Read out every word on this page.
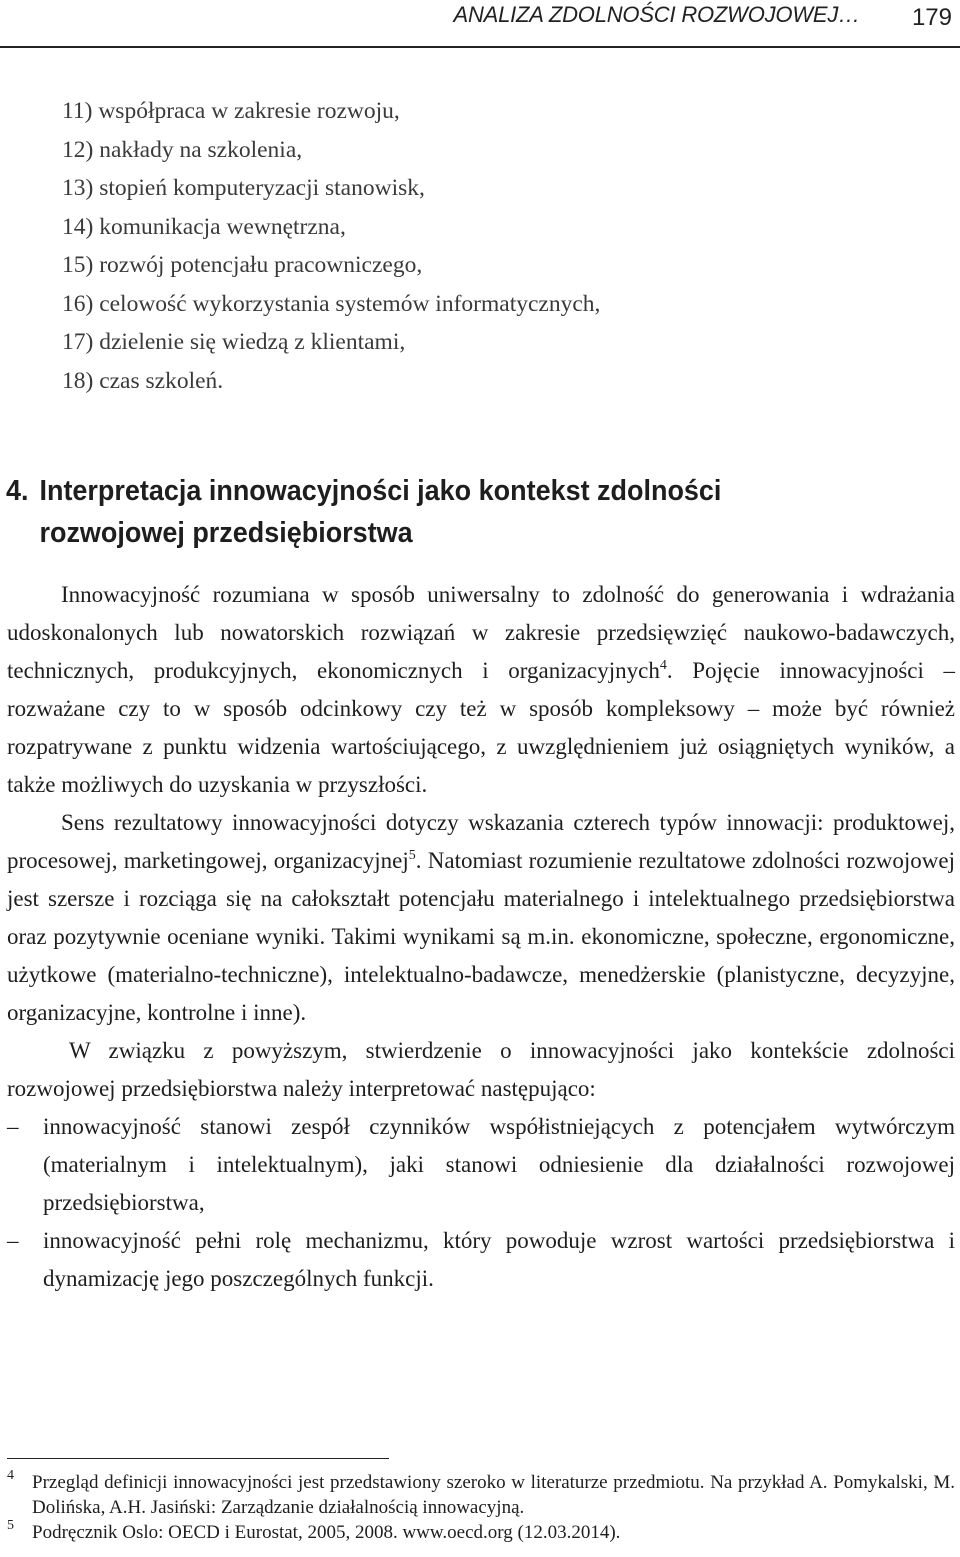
ANALIZA ZDOLNOŚCI ROZWOJOWEJ… 179
11) współpraca w zakresie rozwoju,
12) nakłady na szkolenia,
13) stopień komputeryzacji stanowisk,
14) komunikacja wewnętrzna,
15) rozwój potencjału pracowniczego,
16) celowość wykorzystania systemów informatycznych,
17) dzielenie się wiedzą z klientami,
18) czas szkoleń.
4. Interpretacja innowacyjności jako kontekst zdolności
rozwojowej przedsiębiorstwa

Innowacyjność rozumiana w sposób uniwersalny to zdolność do generowania i wdrażania udoskonalonych lub nowatorskich rozwiązań w zakresie przedsięwzięć naukowo-badawczych, technicznych, produkcyjnych, ekonomicznych i organizacyjnych$^4$. Pojęcie innowacyjności – rozważane czy to w sposób odcinkowy czy też w sposób kompleksowy – może być również rozpatrywane z punktu widzenia wartościującego, z uwzględnieniem już osiągniętych wyników, a także możliwych do uzyskania w przyszłości.

Sens rezultatowy innowacyjności dotyczy wskazania czterech typów innowacji: produktowej, procesowej, marketingowej, organizacyjnej$^5$. Natomiast rozumienie rezultatowe zdolności rozwojowej jest szersze i rozciąga się na całokształt potencjału materialnego i intelektualnego przedsiębiorstwa oraz pozytywnie oceniane wyniki. Takimi wynikami są m.in. ekonomiczne, społeczne, ergonomiczne, użytkowe (materialno-techniczne), intelektualno-badawcze, menedżerskie (planistyczne, decyzyjne, organizacyjne, kontrolne i inne).

W związku z powyższym, stwierdzenie o innowacyjności jako kontekście zdolności rozwojowej przedsiębiorstwa należy interpretować następująco:

– innowacyjność stanowi zespół czynników współistniejących z potencjałem wytwórczym (materialnym i intelektualnym), jaki stanowi odniesienie dla działalności rozwojowej przedsiębiorstwa,
– innowacyjność pełni rolę mechanizmu, który powoduje wzrost wartości przedsiębiorstwa i dynamizację jego poszczególnych funkcji.
4 Przegląd definicji innowacyjności jest przedstawiony szeroko w literaturze przedmiotu. Na przykład A. Pomykalski, M. Dolińska, A.H. Jasiński: Zarządzanie działalnością innowacyjną.
5 Podręcznik Oslo: OECD i Eurostat, 2005, 2008. www.oecd.org (12.03.2014).
